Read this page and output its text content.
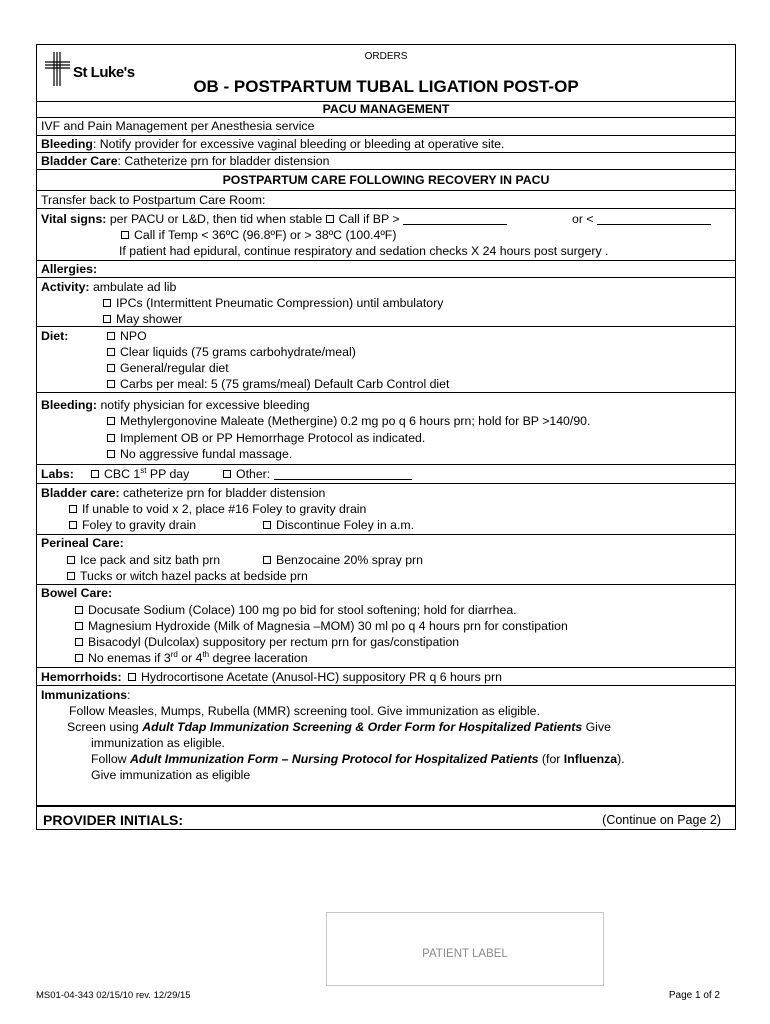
St Luke's
ORDERS
OB - POSTPARTUM TUBAL LIGATION POST-OP
PACU MANAGEMENT
IVF and Pain Management per Anesthesia service
Bleeding: Notify provider for excessive vaginal bleeding or bleeding at operative site.
Bladder Care: Catheterize prn for bladder distension
POSTPARTUM CARE FOLLOWING RECOVERY IN PACU
Transfer back to Postpartum Care Room:
Vital signs: per PACU or L&D, then tid when stable Call if BP >	or <
Call if Temp < 36ºC (96.8ºF) or > 38ºC (100.4ºF)
If patient had epidural, continue respiratory and sedation checks X 24 hours post surgery .
Allergies:
Activity: ambulate ad lib
IPCs (Intermittent Pneumatic Compression) until ambulatory
May shower
Diet:	NPO
Clear liquids (75 grams carbohydrate/meal)
General/regular diet
Carbs per meal: 5 (75 grams/meal) Default Carb Control diet
Bleeding: notify physician for excessive bleeding
Methylergonovine Maleate (Methergine) 0.2 mg po q 6 hours prn; hold for BP >140/90.
Implement OB or PP Hemorrhage Protocol as indicated.
No aggressive fundal massage.
Labs:	CBC 1st PP day	Other:
Bladder care: catheterize prn for bladder distension
If unable to void x 2, place #16 Foley to gravity drain
Foley to gravity drain	Discontinue Foley in a.m.
Perineal Care:
Ice pack and sitz bath prn	Benzocaine 20% spray prn
Tucks or witch hazel packs at bedside prn
Bowel Care:
Docusate Sodium (Colace) 100 mg po bid for stool softening; hold for diarrhea.
Magnesium Hydroxide (Milk of Magnesia –MOM) 30 ml po q 4 hours prn for constipation
Bisacodyl (Dulcolax) suppository per rectum prn for gas/constipation
No enemas if 3rd or 4th degree laceration
Hemorrhoids: Hydrocortisone Acetate (Anusol-HC) suppository PR q 6 hours prn
Immunizations:
Follow Measles, Mumps, Rubella (MMR) screening tool. Give immunization as eligible.
Screen using Adult Tdap Immunization Screening & Order Form for Hospitalized Patients Give
immunization as eligible.
Follow Adult Immunization Form – Nursing Protocol for Hospitalized Patients (for Influenza).
Give immunization as eligible
PROVIDER INITIALS:	(Continue on Page 2)
PATIENT LABEL
MS01-04-343 02/15/10 rev. 12/29/15	Page 1 of 2
